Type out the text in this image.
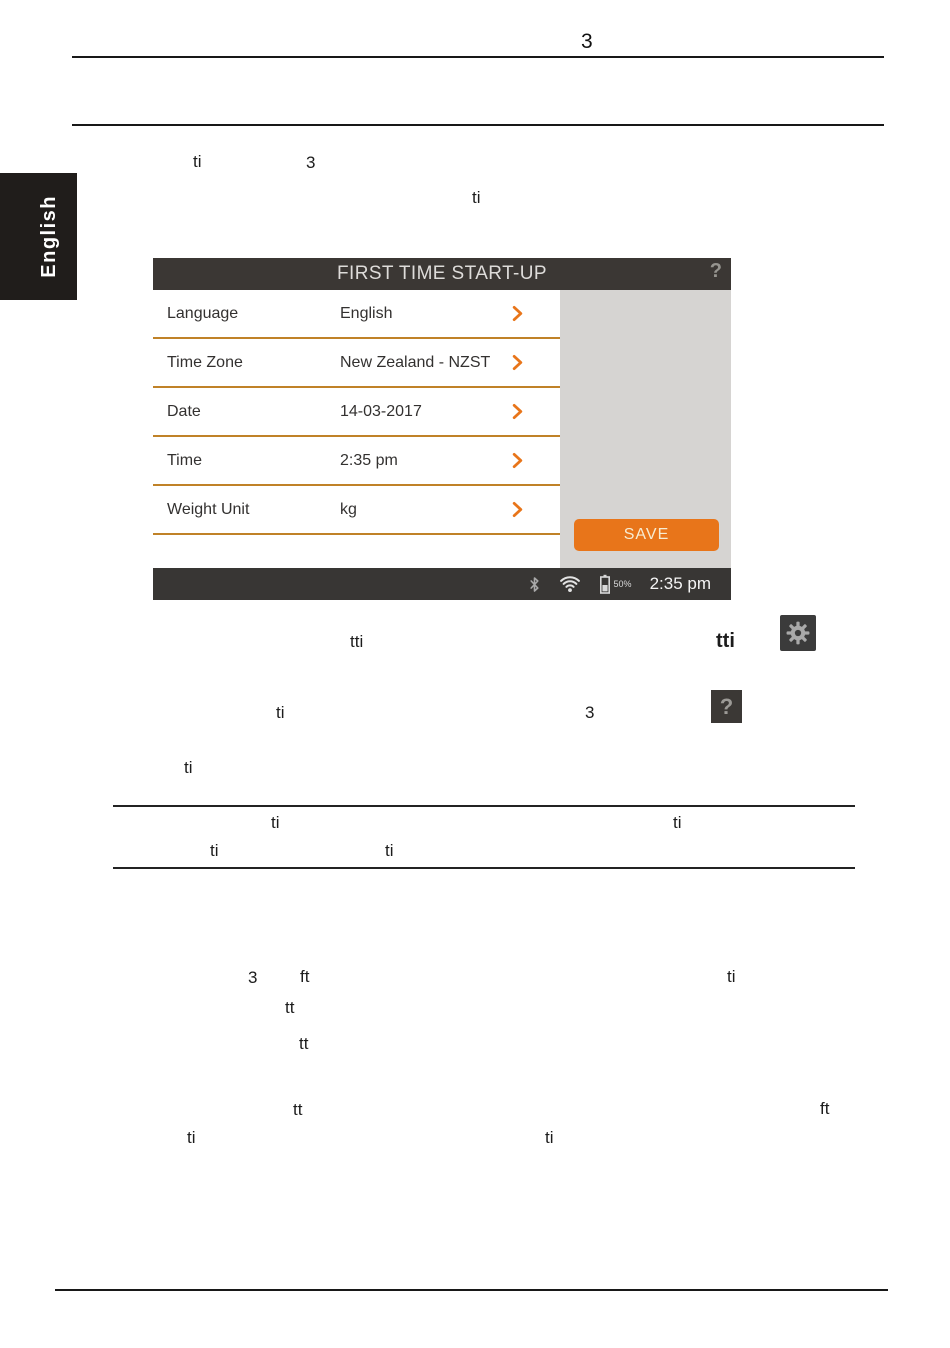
3
English	FIRST TIME START-UP	?
Language	English
Time Zone	New Zealand - NZST
Date	14-03-2017
Time	2:35 pm
Weight Unit	kg
SAVE
50% 2:35 pm
?
ti	3
ti
tti	tti
ti	3
ti
ti	ti
ti	ti
3	ft	ti
tt
tt
tt	ft
ti	ti
